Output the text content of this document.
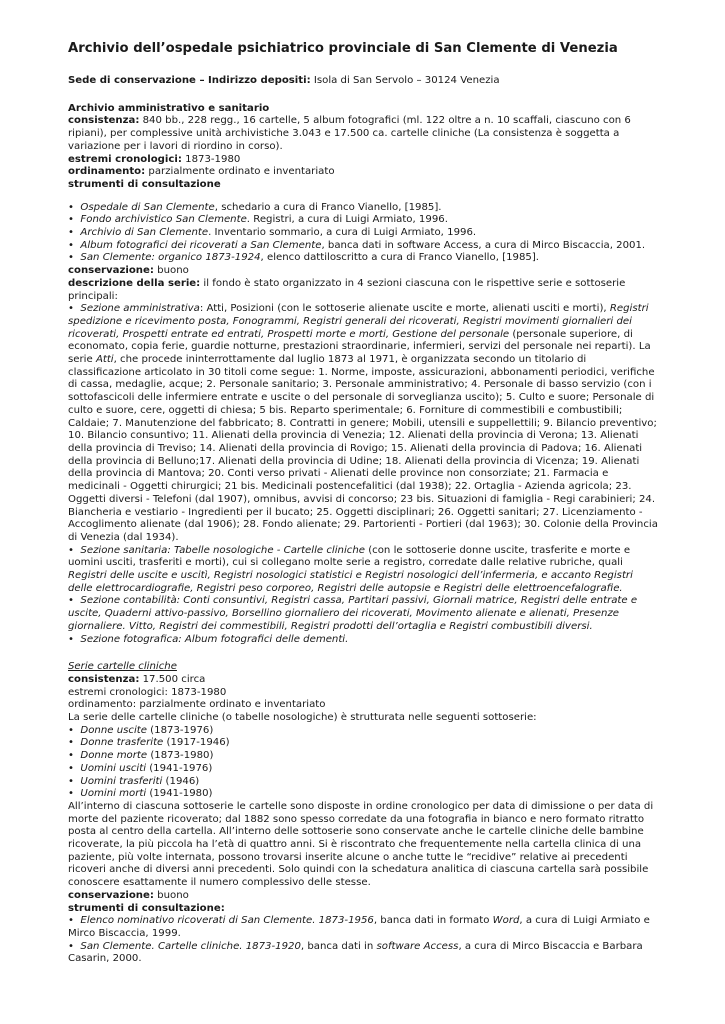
Archivio dell’ospedale psichiatrico provinciale di San Clemente di Venezia

Sede di conservazione – Indirizzo depositi: Isola di San Servolo – 30124 Venezia

Archivio amministrativo e sanitario

consistenza: 840 bb., 228 regg., 16 cartelle, 5 album fotografici (ml. 122 oltre a n. 10 scaffali, ciascuno con 6 ripiani), per complessive unità archivistiche 3.043 e 17.500 ca. cartelle cliniche (La consistenza è soggetta a variazione per i lavori di riordino in corso).

estremi cronologici: 1873-1980

ordinamento: parzialmente ordinato e inventariato

strumenti di consultazione

•  Ospedale di San Clemente, schedario a cura di Franco Vianello, [1985].

•  Fondo archivistico San Clemente. Registri, a cura di Luigi Armiato, 1996.

•  Archivio di San Clemente. Inventario sommario, a cura di Luigi Armiato, 1996.

•  Album fotografici dei ricoverati a San Clemente, banca dati in software Access, a cura di Mirco Biscaccia, 2001.

•  San Clemente: organico 1873-1924, elenco dattiloscritto a cura di Franco Vianello, [1985].

conservazione: buono

descrizione della serie: il fondo è stato organizzato in 4 sezioni ciascuna con le rispettive serie e sottoserie principali:

•  Sezione amministrativa: Atti, Posizioni (con le sottoserie alienate uscite e morte, alienati usciti e morti), Registri spedizione e ricevimento posta, Fonogrammi, Registri generali dei ricoverati, Registri movimenti giornalieri dei ricoverati, Prospetti entrate ed entrati, Prospetti morte e morti, Gestione del personale (personale superiore, di economato, copia ferie, guardie notturne, prestazioni straordinarie, infermieri, servizi del personale nei reparti). La serie Atti, che procede ininterrottamente dal luglio 1873 al 1971, è organizzata secondo un titolario di classificazione articolato in 30 titoli come segue: 1. Norme, imposte, assicurazioni, abbonamenti periodici, verifiche di cassa, medaglie, acque; 2. Personale sanitario; 3. Personale amministrativo; 4. Personale di basso servizio (con i sottofascicoli delle infermiere entrate e uscite o del personale di sorveglianza uscito); 5. Culto e suore; Personale di culto e suore, cere, oggetti di chiesa; 5 bis. Reparto sperimentale; 6. Forniture di commestibili e combustibili; Caldaie; 7. Manutenzione del fabbricato; 8. Contratti in genere; Mobili, utensili e suppellettili; 9. Bilancio preventivo; 10. Bilancio consuntivo; 11. Alienati della provincia di Venezia; 12. Alienati della provincia di Verona; 13. Alienati della provincia di Treviso; 14. Alienati della provincia di Rovigo; 15. Alienati della provincia di Padova; 16. Alienati della provincia di Belluno;17. Alienati della provincia di Udine; 18. Alienati della provincia di Vicenza; 19. Alienati della provincia di Mantova; 20. Conti verso privati - Alienati delle province non consorziate; 21. Farmacia e medicinali - Oggetti chirurgici; 21 bis. Medicinali postencefalitici (dal 1938); 22. Ortaglia - Azienda agricola; 23. Oggetti diversi - Telefoni (dal 1907), omnibus, avvisi di concorso; 23 bis. Situazioni di famiglia - Regi carabinieri; 24. Biancheria e vestiario - Ingredienti per il bucato; 25. Oggetti disciplinari; 26. Oggetti sanitari; 27. Licenziamento - Accoglimento alienate (dal 1906); 28. Fondo alienate; 29. Partorienti - Portieri (dal 1963); 30. Colonie della Provincia di Venezia (dal 1934).

•  Sezione sanitaria: Tabelle nosologiche - Cartelle cliniche (con le sottoserie donne uscite, trasferite e morte e uomini usciti, trasferiti e morti), cui si collegano molte serie a registro, corredate dalle relative rubriche, quali Registri delle uscite e uscitì, Registri nosologici statistici e Registri nosologici dell’infermeria, e accanto Registri delle elettrocardiografie, Registri peso corporeo, Registri delle autopsie e Registri delle elettroencefalografie.

•  Sezione contabilità: Conti consuntivi, Registri cassa, Partitari passivi, Giornali matrice, Registri delle entrate e uscite, Quaderni attivo-passivo, Borsellino giornaliero dei ricoverati, Movimento alienate e alienati, Presenze giornaliere. Vitto, Registri dei commestibili, Registri prodotti dell’ortaglia e Registri combustibili diversi.

•  Sezione fotografica: Album fotografici delle dementi.

Serie cartelle cliniche

consistenza: 17.500 circa

estremi cronologici: 1873-1980

ordinamento: parzialmente ordinato e inventariato

La serie delle cartelle cliniche (o tabelle nosologiche) è strutturata nelle seguenti sottoserie:

•  Donne uscite (1873-1976)

•  Donne trasferite (1917-1946)

•  Donne morte (1873-1980)

•  Uomini usciti (1941-1976)

•  Uomini trasferiti (1946)

•  Uomini morti (1941-1980)

All’interno di ciascuna sottoserie le cartelle sono disposte in ordine cronologico per data di dimissione o per data di morte del paziente ricoverato; dal 1882 sono spesso corredate da una fotografia in bianco e nero formato ritratto posta al centro della cartella. All’interno delle sottoserie sono conservate anche le cartelle cliniche delle bambine ricoverate, la più piccola ha l’età di quattro anni. Si è riscontrato che frequentemente nella cartella clinica di una paziente, più volte internata, possono trovarsi inserite alcune o anche tutte le “recidive” relative ai precedenti ricoveri anche di diversi anni precedenti. Solo quindi con la schedatura analitica di ciascuna cartella sarà possibile conoscere esattamente il numero complessivo delle stesse.

conservazione: buono

strumenti di consultazione:

•  Elenco nominativo ricoverati di San Clemente. 1873-1956, banca dati in formato Word, a cura di Luigi Armiato e Mirco Biscaccia, 1999.

•  San Clemente. Cartelle cliniche. 1873-1920, banca dati in software Access, a cura di Mirco Biscaccia e Barbara Casarin, 2000.
